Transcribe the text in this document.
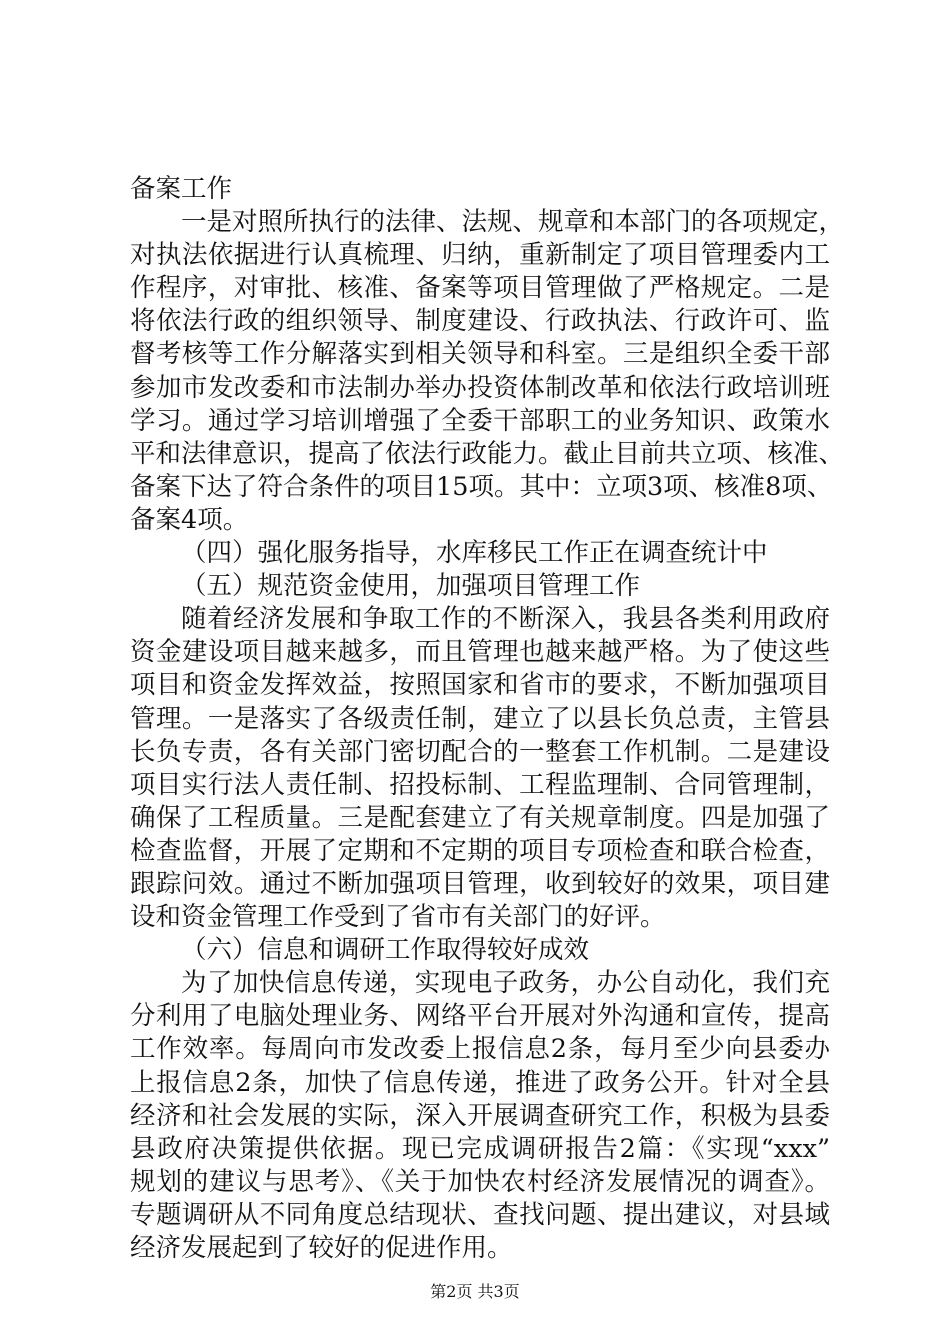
备案工作
一是对照所执行的法律、法规、规章和本部门的各项规定，
对执法依据进行认真梳理、归纳，重新制定了项目管理委内工
作程序，对审批、核准、备案等项目管理做了严格规定。二是
将依法行政的组织领导、制度建设、行政执法、行政许可、监
督考核等工作分解落实到相关领导和科室。三是组织全委干部
参加市发改委和市法制办举办投资体制改革和依法行政培训班
学习。通过学习培训增强了全委干部职工的业务知识、政策水
平和法律意识，提高了依法行政能力。截止目前共立项、核准、
备案下达了符合条件的项目15项。其中：立项3项、核准8项、
备案4项。
（四）强化服务指导，水库移民工作正在调查统计中
（五）规范资金使用，加强项目管理工作
随着经济发展和争取工作的不断深入，我县各类利用政府
资金建设项目越来越多，而且管理也越来越严格。为了使这些
项目和资金发挥效益，按照国家和省市的要求，不断加强项目
管理。一是落实了各级责任制，建立了以县长负总责，主管县
长负专责，各有关部门密切配合的一整套工作机制。二是建设
项目实行法人责任制、招投标制、工程监理制、合同管理制，
确保了工程质量。三是配套建立了有关规章制度。四是加强了
检查监督，开展了定期和不定期的项目专项检查和联合检查，
跟踪问效。通过不断加强项目管理，收到较好的效果，项目建
设和资金管理工作受到了省市有关部门的好评。
（六）信息和调研工作取得较好成效
为了加快信息传递，实现电子政务，办公自动化，我们充
分利用了电脑处理业务、网络平台开展对外沟通和宣传，提高
工作效率。每周向市发改委上报信息2条，每月至少向县委办
上报信息2条，加快了信息传递，推进了政务公开。针对全县
经济和社会发展的实际，深入开展调查研究工作，积极为县委
县政府决策提供依据。现已完成调研报告2篇：《实现“xxx”
规划的建议与思考》、《关于加快农村经济发展情况的调查》。
专题调研从不同角度总结现状、查找问题、提出建议，对县域
经济发展起到了较好的促进作用。
第2页 共3页
